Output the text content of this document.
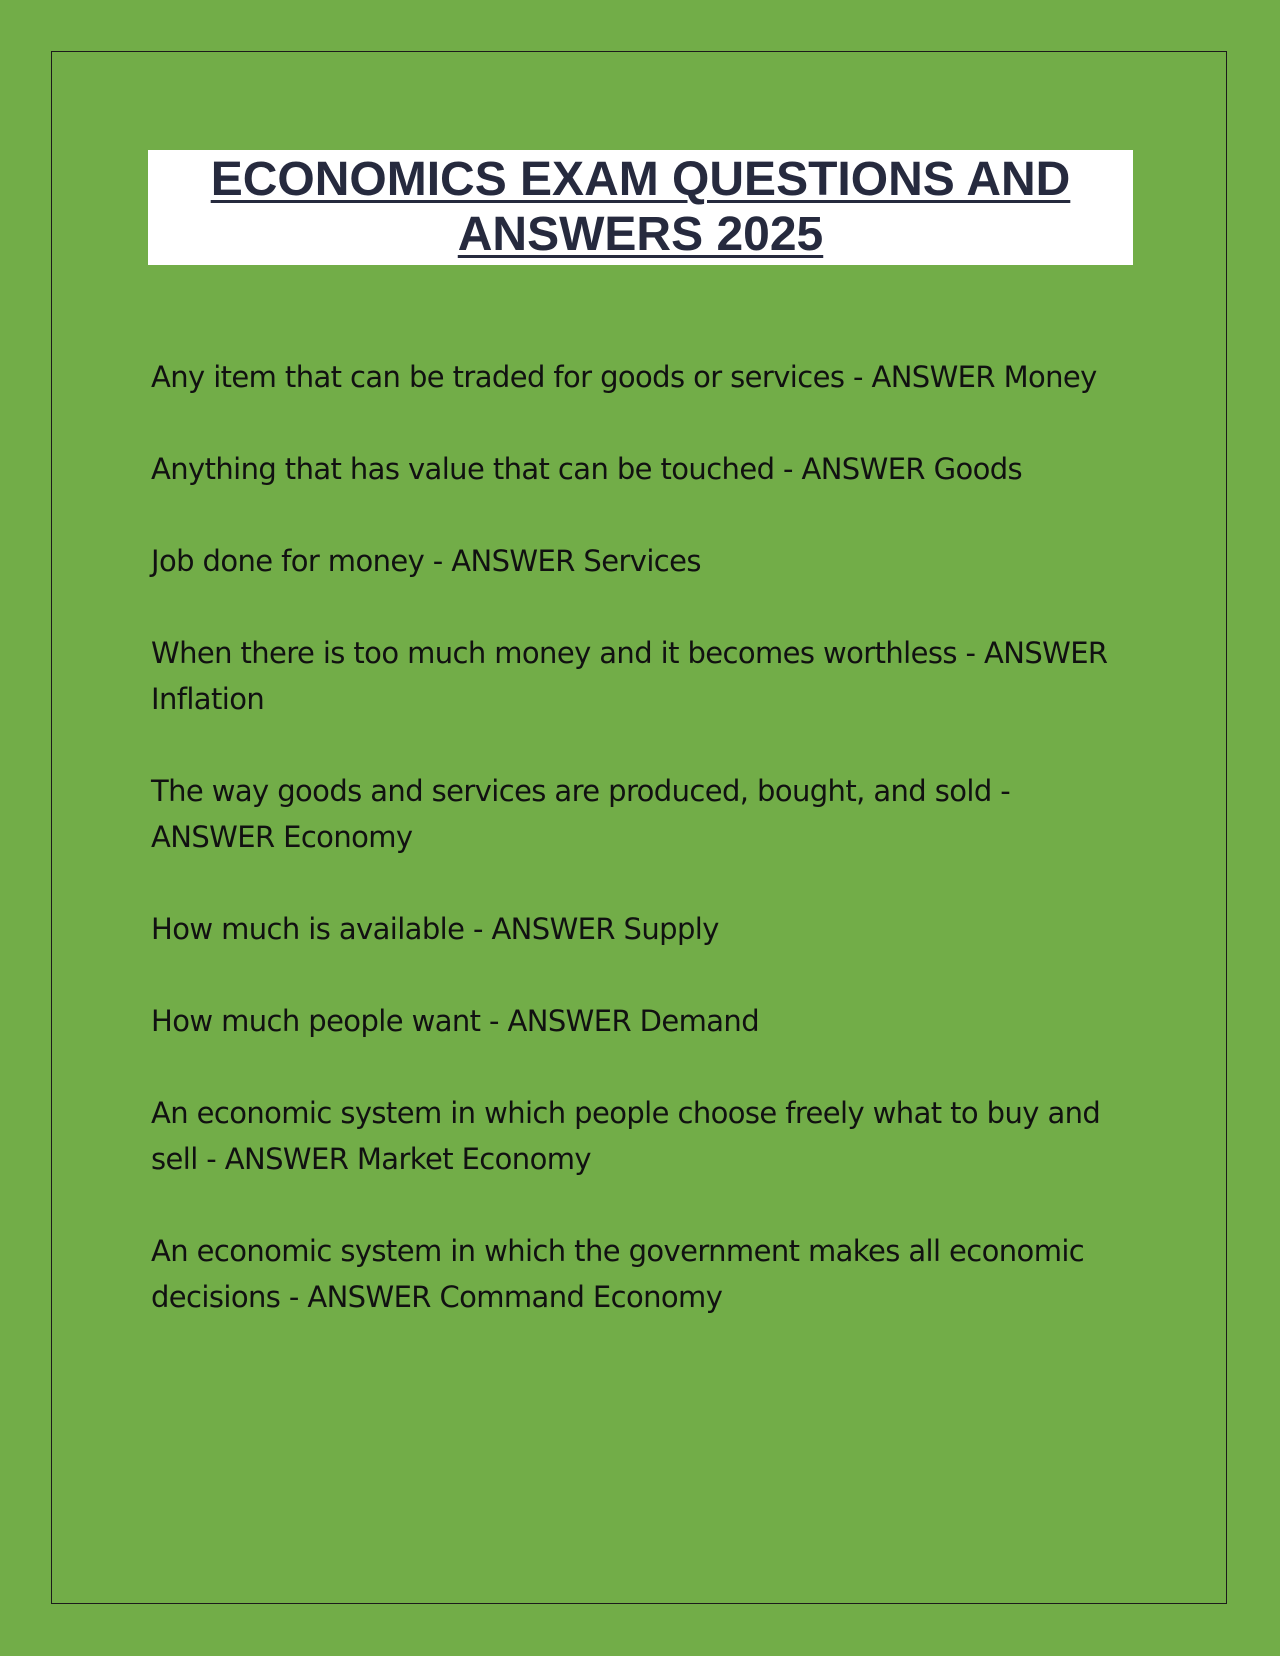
ECONOMICS EXAM QUESTIONS AND
ANSWERS 2025
Any item that can be traded for goods or services - ANSWER Money
Anything that has value that can be touched - ANSWER Goods
Job done for money - ANSWER Services
When there is too much money and it becomes worthless - ANSWER Inflation
The way goods and services are produced, bought, and sold - ANSWER Economy
How much is available - ANSWER Supply
How much people want - ANSWER Demand
An economic system in which people choose freely what to buy and sell - ANSWER Market Economy
An economic system in which the government makes all economic decisions - ANSWER Command Economy
